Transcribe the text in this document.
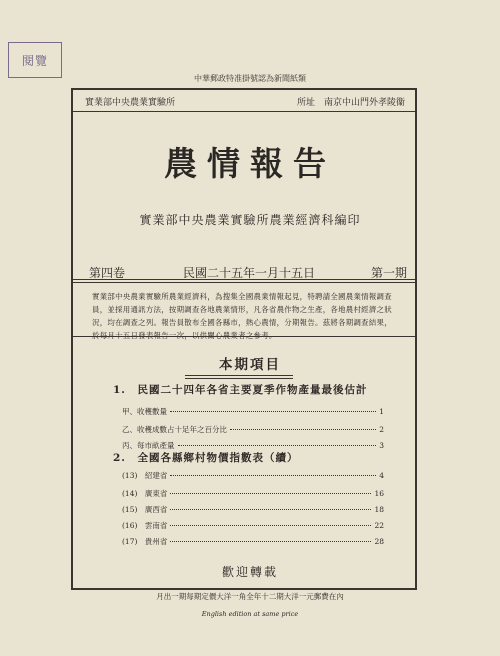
閱覽
中華郵政特准掛號認為新聞紙類
實業部中央農業實驗所	所址　南京中山門外孝陵衞
農情報告
實業部中央農業實驗所農業經濟科編印
第四卷	民國二十五年一月十五日	第一期
實業部中央農業實驗所農業經濟科，為搜集全國農業情報起見，特聘請全國農業情報調查員，並採用通訊方法，按期調查各地農業情形，凡各省農作物之生產，各地農村經濟之狀況，均在調查之列。報告員散布全國各縣市，熱心農情，分期報告。茲將各期調查結果，於每月十五日發表報告一次，以供關心農業者之參考。
本期項目
1.　民國二十四年各省主要夏季作物產量最後估計
甲、收穫數量	1
乙、收穫成數占十足年之百分比	2
丙、每市畝產量	3
2.　全國各縣鄉村物價指數表（續）
(13)　紹建省	4
(14)　廣東省	16
(15)　廣西省	18
(16)　雲南省	22
(17)　貴州省	28
歡迎轉載
月出一期每期定價大洋一角全年十二期大洋一元郵費在內
English edition at same price
